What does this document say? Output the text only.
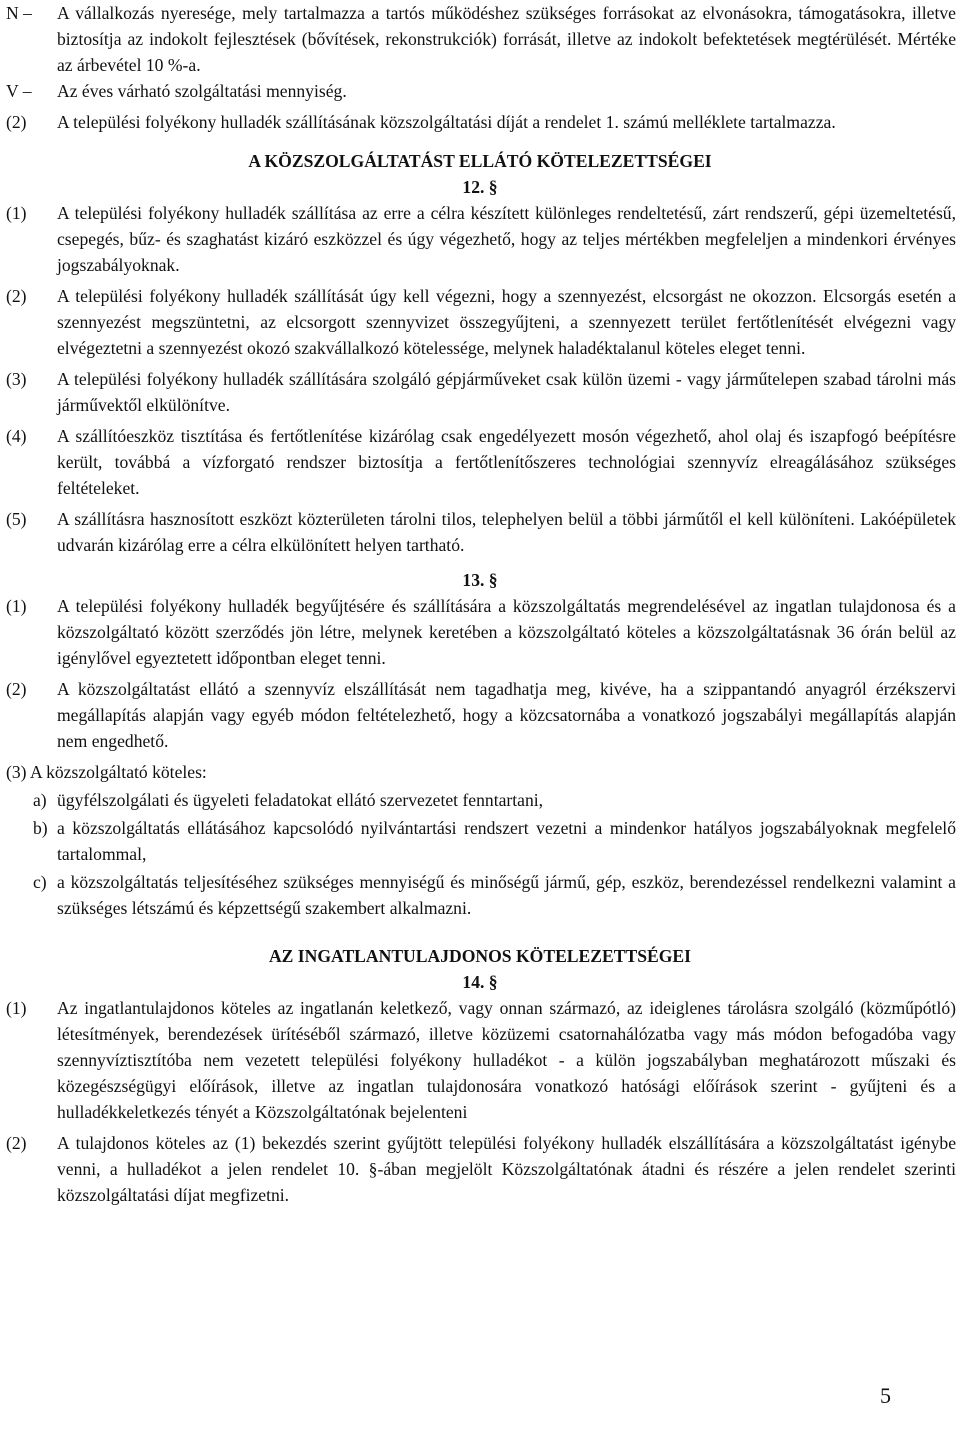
N – A vállalkozás nyeresége, mely tartalmazza a tartós működéshez szükséges forrásokat az elvonásokra, támogatásokra, illetve biztosítja az indokolt fejlesztések (bővítések, rekonstrukciók) forrását, illetve az indokolt befektetések megtérülését. Mértéke az árbevétel 10 %-a.
V – Az éves várható szolgáltatási mennyiség.
(2) A települési folyékony hulladék szállításának közszolgáltatási díját a rendelet 1. számú melléklete tartalmazza.
A KÖZSZOLGÁLTATÁST ELLÁTÓ KÖTELEZETTSÉGEI
12. §
(1) A települési folyékony hulladék szállítása az erre a célra készített különleges rendeltetésű, zárt rendszerű, gépi üzemeltetésű, csepegés, bűz- és szaghatást kizáró eszközzel és úgy végezhető, hogy az teljes mértékben megfeleljen a mindenkori érvényes jogszabályoknak.
(2) A települési folyékony hulladék szállítását úgy kell végezni, hogy a szennyezést, elcsorgást ne okozzon. Elcsorgás esetén a szennyezést megszüntetni, az elcsorgott szennyvizet összegyűjteni, a szennyezett terület fertőtlenítését elvégezni vagy elvégeztetni a szennyezést okozó szakvállalkozó kötelessége, melynek haladéktalanul köteles eleget tenni.
(3) A települési folyékony hulladék szállítására szolgáló gépjárműveket csak külön üzemi - vagy járműtelepen szabad tárolni más járművektől elkülönítve.
(4) A szállítóeszköz tisztítása és fertőtlenítése kizárólag csak engedélyezett mosón végezhető, ahol olaj és iszapfogó beépítésre került, továbbá a vízforgató rendszer biztosítja a fertőtlenítőszeres technológiai szennyvíz elreagálásához szükséges feltételeket.
(5) A szállításra hasznosított eszközt közterületen tárolni tilos, telephelyen belül a többi járműtől el kell különíteni. Lakóépületek udvarán kizárólag erre a célra elkülönített helyen tartható.
13. §
(1) A települési folyékony hulladék begyűjtésére és szállítására a közszolgáltatás megrendelésével az ingatlan tulajdonosa és a közszolgáltató között szerződés jön létre, melynek keretében a közszolgáltató köteles a közszolgáltatásnak 36 órán belül az igénylővel egyeztetett időpontban eleget tenni.
(2) A közszolgáltatást ellátó a szennyvíz elszállítását nem tagadhatja meg, kivéve, ha a szippantandó anyagról érzékszervi megállapítás alapján vagy egyéb módon feltételezhető, hogy a közcsatornába a vonatkozó jogszabályi megállapítás alapján nem engedhető.
(3) A közszolgáltató köteles:
a) ügyfélszolgálati és ügyeleti feladatokat ellátó szervezetet fenntartani,
b) a közszolgáltatás ellátásához kapcsolódó nyilvántartási rendszert vezetni a mindenkor hatályos jogszabályoknak megfelelő tartalommal,
c) a közszolgáltatás teljesítéséhez szükséges mennyiségű és minőségű jármű, gép, eszköz, berendezéssel rendelkezni valamint a szükséges létszámú és képzettségű szakembert alkalmazni.
AZ INGATLANTULAJDONOS KÖTELEZETTSÉGEI
14. §
(1) Az ingatlantulajdonos köteles az ingatlanán keletkező, vagy onnan származó, az ideiglenes tárolásra szolgáló (közműpótló) létesítmények, berendezések ürítéséből származó, illetve közüzemi csatornahálózatba vagy más módon befogadóba vagy szennyvíztisztítóba nem vezetett települési folyékony hulladékot - a külön jogszabályban meghatározott műszaki és közegészségügyi előírások, illetve az ingatlan tulajdonosára vonatkozó hatósági előírások szerint - gyűjteni és a hulladékkeletkezés tényét a Közszolgáltatónak bejelenteni
(2) A tulajdonos köteles az (1) bekezdés szerint gyűjtött települési folyékony hulladék elszállítására a közszolgáltatást igénybe venni, a hulladékot a jelen rendelet 10. §-ában megjelölt Közszolgáltatónak átadni és részére a jelen rendelet szerinti közszolgáltatási díjat megfizetni.
5
